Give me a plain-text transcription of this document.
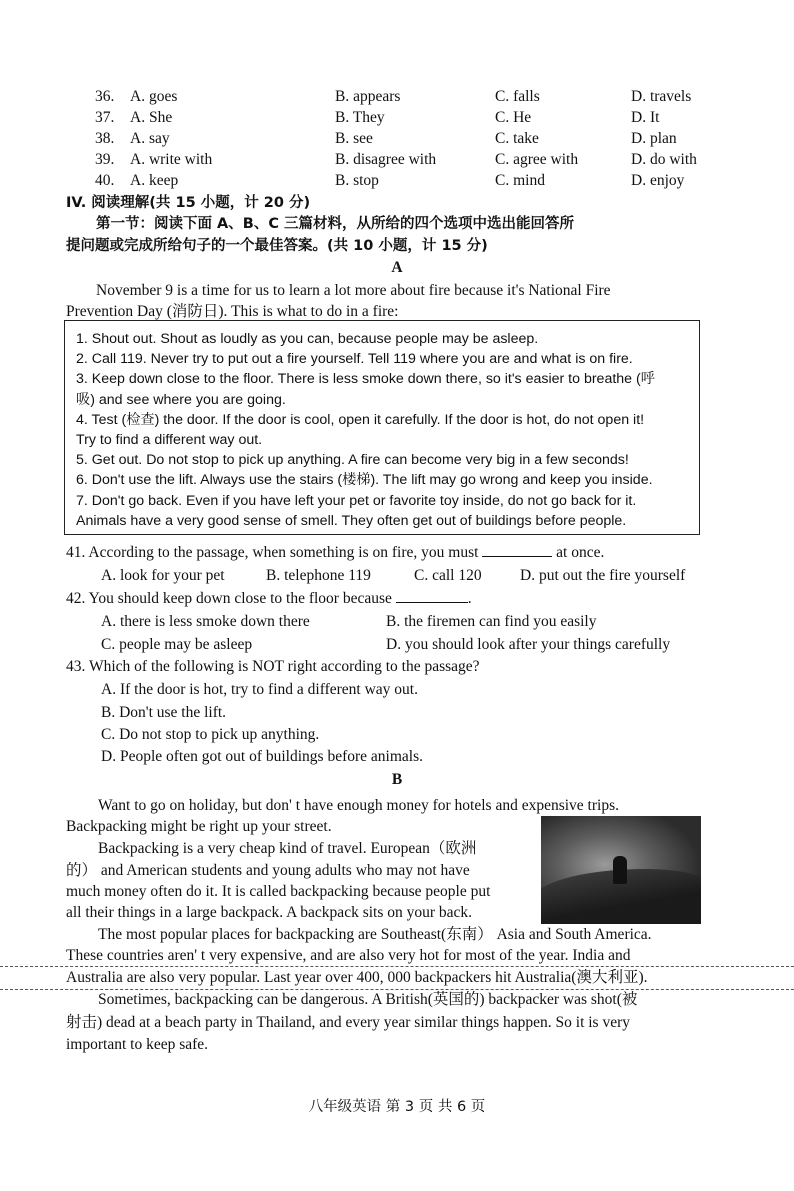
36. A. goes	B. appears	C. falls	D. travels
37. A. She	B. They	C. He	D. It
38. A. say	B. see	C. take	D. plan
39. A. write with	B. disagree with	C. agree with	D. do with
40. A. keep	B. stop	C. mind	D. enjoy
IV. 阅读理解(共 15 小题，计 20 分)
第一节：阅读下面 A、B、C 三篇材料，从所给的四个选项中选出能回答所
提问题或完成所给句子的一个最佳答案。(共 10 小题，计 15 分)
A
November 9 is a time for us to learn a lot more about fire because it's National Fire
Prevention Day (消防日). This is what to do in a fire:
1. Shout out. Shout as loudly as you can, because people may be asleep.
2. Call 119. Never try to put out a fire yourself. Tell 119 where you are and what is on fire.
3. Keep down close to the floor. There is less smoke down there, so it's easier to breathe (呼
吸) and see where you are going.
4. Test (检查) the door. If the door is cool, open it carefully. If the door is hot, do not open it!
Try to find a different way out.
5. Get out. Do not stop to pick up anything. A fire can become very big in a few seconds!
6. Don't use the lift. Always use the stairs (楼梯). The lift may go wrong and keep you inside.
7. Don't go back. Even if you have left your pet or favorite toy inside, do not go back for it.
Animals have a very good sense of smell. They often get out of buildings before people.
41. According to the passage, when something is on fire, you must	at once.
A. look for your pet	B. telephone 119	C. call 120 D. put out the fire yourself
42. You should keep down close to the floor because	.
A. there is less smoke down there	B. the firemen can find you easily
C. people may be asleep	D. you should look after your things carefully
43. Which of the following is NOT right according to the passage?
A. If the door is hot, try to find a different way out.
B. Don't use the lift.
C. Do not stop to pick up anything.
D. People often got out of buildings before animals.
B
Want to go on holiday, but don' t have enough money for hotels and expensive trips.
Backpacking might be right up your street.
Backpacking is a very cheap kind of travel. European（欧洲
的） and American students and young adults who may not have
much money often do it. It is called backpacking because people put
all their things in a large backpack. A backpack sits on your back.
The most popular places for backpacking are Southeast(东南） Asia and South America.
These countries aren' t very expensive, and are also very hot for most of the year. India and
Australia are also very popular. Last year over 400, 000 backpackers hit Australia(澳大利亚).
Sometimes, backpacking can be dangerous. A British(英国的) backpacker was shot(被
射击) dead at a beach party in Thailand, and every year similar things happen. So it is very
important to keep safe.
八年级英语 第 3 页 共 6 页
